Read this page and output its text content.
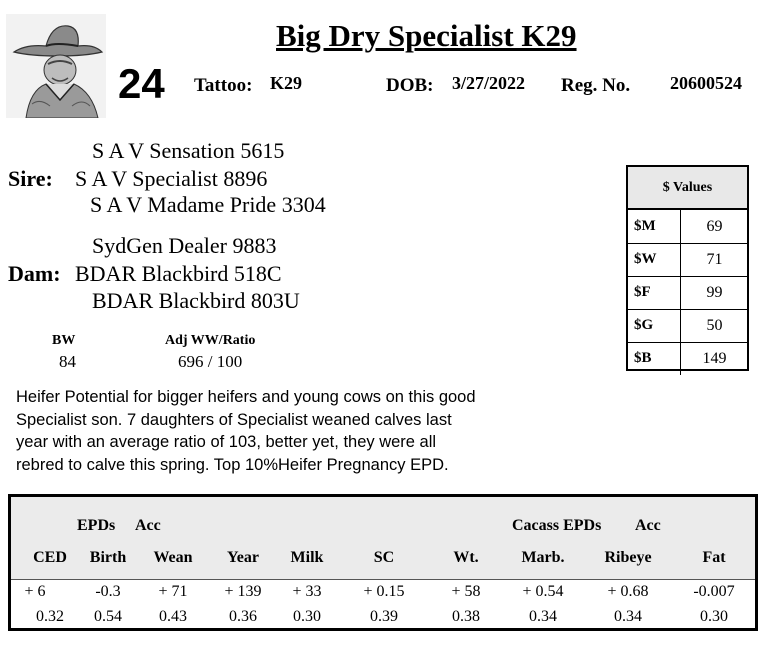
Big Dry Specialist K29
24 Tattoo: K29	DOB: 3/27/2022 Reg. No. 20600524
S A V Sensation 5615
Sire: S A V Specialist 8896
S A V Madame Pride 3304
SydGen Dealer 9883
Dam: BDAR Blackbird 518C
BDAR Blackbird 803U
BW
84
Adj WW/Ratio
696 / 100
Heifer Potential for bigger heifers and young cows on this good Specialist son. 7 daughters of Specialist weaned calves last year with an average ratio of 103, better yet, they were all rebred to calve this spring. Top 10%Heifer Pregnancy EPD.
$ Values
$M	69
$W	71
$F	99
$G	50
$B	149
EPDs Acc	Cacass EPDs Acc
CED	Birth	Wean	Year	Milk	SC	Wt.	Marb.	Ribeye	Fat
+ 6	-0.3	+ 71	+ 139	+ 33	+ 0.15	+ 58	+ 0.54	+ 0.68	-0.007
0.32	0.54	0.43	0.36	0.30	0.39	0.38	0.34	0.34	0.30
